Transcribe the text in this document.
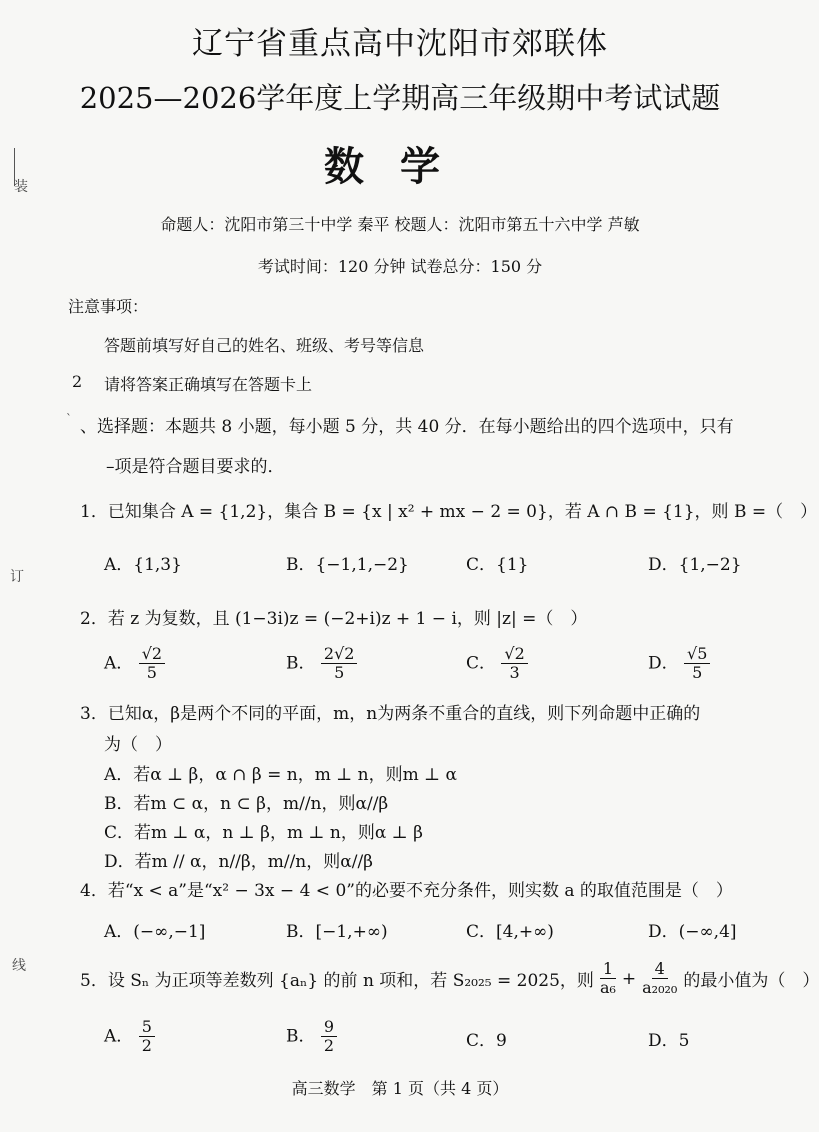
装
订
线
`
辽宁省重点高中沈阳市郊联体
2025—2026学年度上学期高三年级期中考试试题
数学
命题人：沈阳市第三十中学 秦平 校题人：沈阳市第五十六中学 芦敏
考试时间：120 分钟 试卷总分：150 分
注意事项：
答题前填写好自己的姓名、班级、考号等信息
2 请将答案正确填写在答题卡上
、选择题：本题共 8 小题，每小题 5 分，共 40 分．在每小题给出的四个选项中，只有
–项是符合题目要求的．
1．已知集合 A = {1,2}，集合 B = {x | x² + mx − 2 = 0}，若 A ∩ B = {1}，则 B =（　）
A．{1,3}	B．{−1,1,−2}	C．{1}	D．{1,−2}
2．若 z 为复数，且 (1−3i)z = (−2+i)z + 1 − i，则 |z| =（　）
A． $\frac{√2}{5}$	B． $\frac{2√2}{5}$	C． $\frac{√2}{3}$	D． $\frac{√5}{5}$
3．已知α，β是两个不同的平面，m，n为两条不重合的直线，则下列命题中正确的
为（　）
A．若α ⊥ β，α ∩ β = n，m ⊥ n，则m ⊥ α
B．若m ⊂ α，n ⊂ β，m//n，则α//β
C．若m ⊥ α，n ⊥ β，m ⊥ n，则α ⊥ β
D．若m // α，n//β，m//n，则α//β
4．若“x < a”是“x² − 3x − 4 < 0”的必要不充分条件，则实数 a 的取值范围是（　）
A．(−∞,−1]	B．[−1,+∞)	C．[4,+∞)	D．(−∞,4]
5．设 Sₙ 为正项等差数列 {aₙ} 的前 n 项和，若 S₂₀₂₅ = 2025，则 $\frac{1}{\text{a₆}} + \frac{4}{\text{a₂₀₂₀}}$ 的最小值为（　）
A． $\frac{5}{2}$	B． $\frac{9}{2}$	C．9	D．5
高三数学　第 1 页（共 4 页）
